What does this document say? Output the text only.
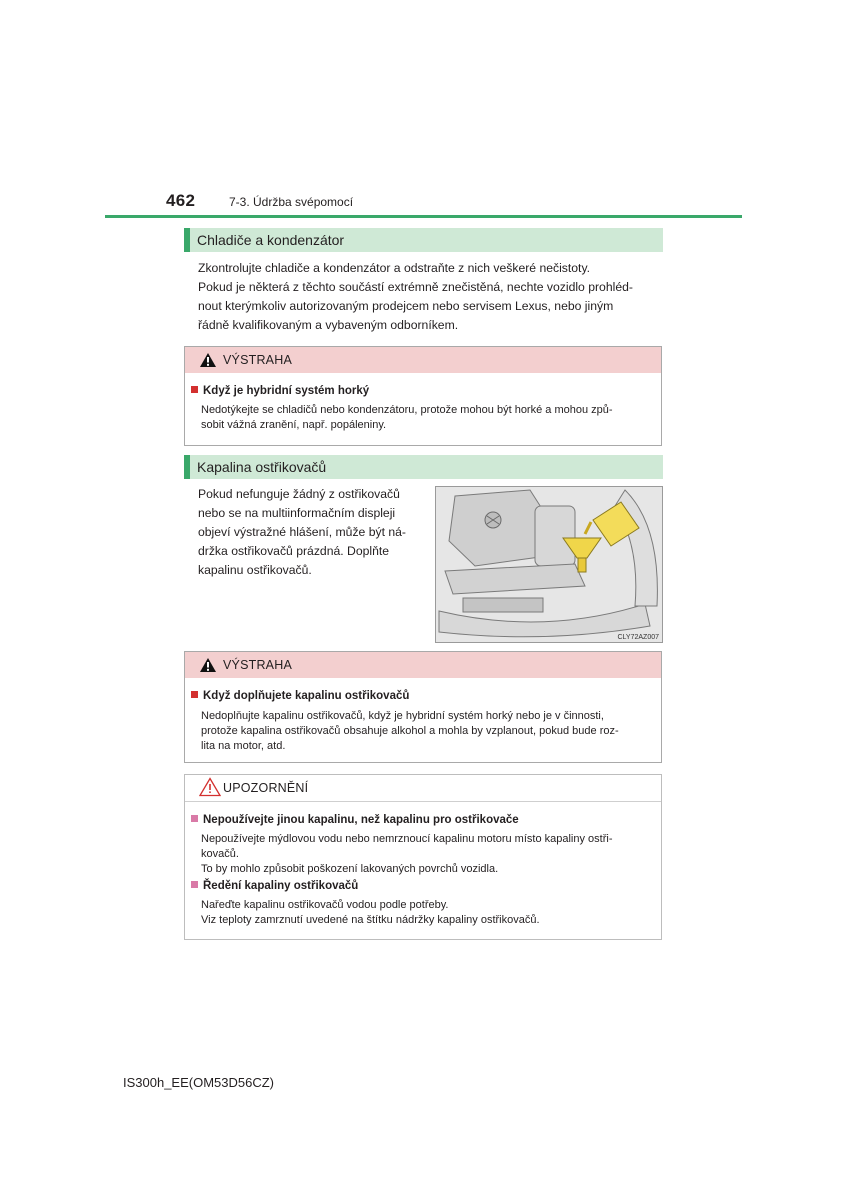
462	7-3. Údržba svépomocí
Chladiče a kondenzátor
Zkontrolujte chladiče a kondenzátor a odstraňte z nich veškeré nečistoty.
Pokud je některá z těchto součástí extrémně znečistěná, nechte vozidlo prohléd-
nout kterýmkoliv autorizovaným prodejcem nebo servisem Lexus, nebo jiným
řádně kvalifikovaným a vybaveným odborníkem.
VÝSTRAHA
Když je hybridní systém horký
Nedotýkejte se chladičů nebo kondenzátoru, protože mohou být horké a mohou způ-
sobit vážná zranění, např. popáleniny.
Kapalina ostřikovačů
Pokud nefunguje žádný z ostřikovačů
nebo se na multiinformačním displeji
objeví výstražné hlášení, může být ná-
držka ostřikovačů prázdná. Doplňte
kapalinu ostřikovačů.
CLY72AZ007
VÝSTRAHA
Když doplňujete kapalinu ostřikovačů
Nedoplňujte kapalinu ostřikovačů, když je hybridní systém horký nebo je v činnosti,
protože kapalina ostřikovačů obsahuje alkohol a mohla by vzplanout, pokud bude roz-
lita na motor, atd.
UPOZORNĚNÍ
Nepoužívejte jinou kapalinu, než kapalinu pro ostřikovače
Nepoužívejte mýdlovou vodu nebo nemrznoucí kapalinu motoru místo kapaliny ostři-
kovačů.
To by mohlo způsobit poškození lakovaných povrchů vozidla.
Ředění kapaliny ostřikovačů
Nařeďte kapalinu ostřikovačů vodou podle potřeby.
Viz teploty zamrznutí uvedené na štítku nádržky kapaliny ostřikovačů.
IS300h_EE(OM53D56CZ)
